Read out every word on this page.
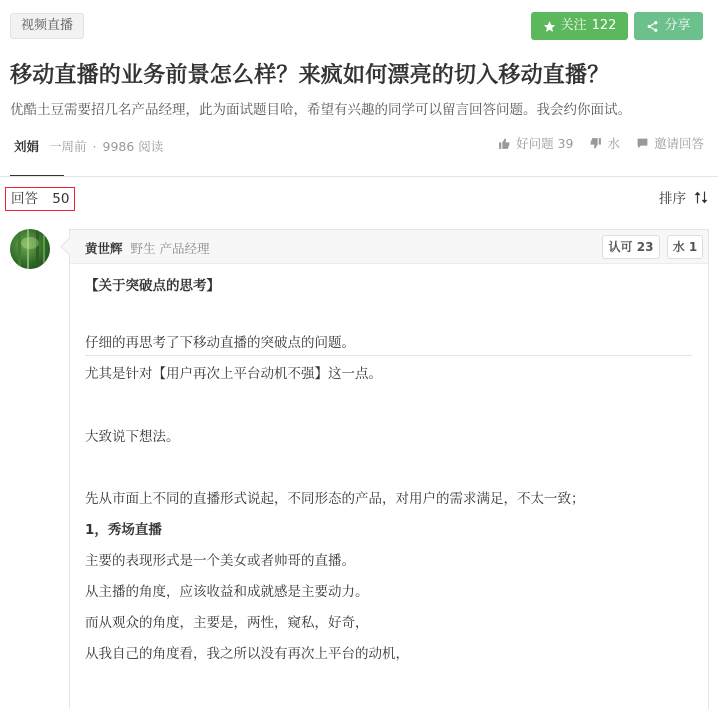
视频直播	关注 122	分享
移动直播的业务前景怎么样？来疯如何漂亮的切入移动直播？
优酷土豆需要招几名产品经理，此为面试题目哈，希望有兴趣的同学可以留言回答问题。我会约你面试。
刘娟 一周前 · 9986 阅读	好问题 39	水	邀请回答
回答 50	排序
黄世辉 野生 产品经理	认可 23	水 1

【关于突破点的思考】

仔细的再思考了下移动直播的突破点的问题。

尤其是针对【用户再次上平台动机不强】这一点。

大致说下想法。

先从市面上不同的直播形式说起，不同形态的产品，对用户的需求满足，不太一致；

1，秀场直播

主要的表现形式是一个美女或者帅哥的直播。

从主播的角度，应该收益和成就感是主要动力。

而从观众的角度，主要是，两性，窥私，好奇，

从我自己的角度看，我之所以没有再次上平台的动机，
